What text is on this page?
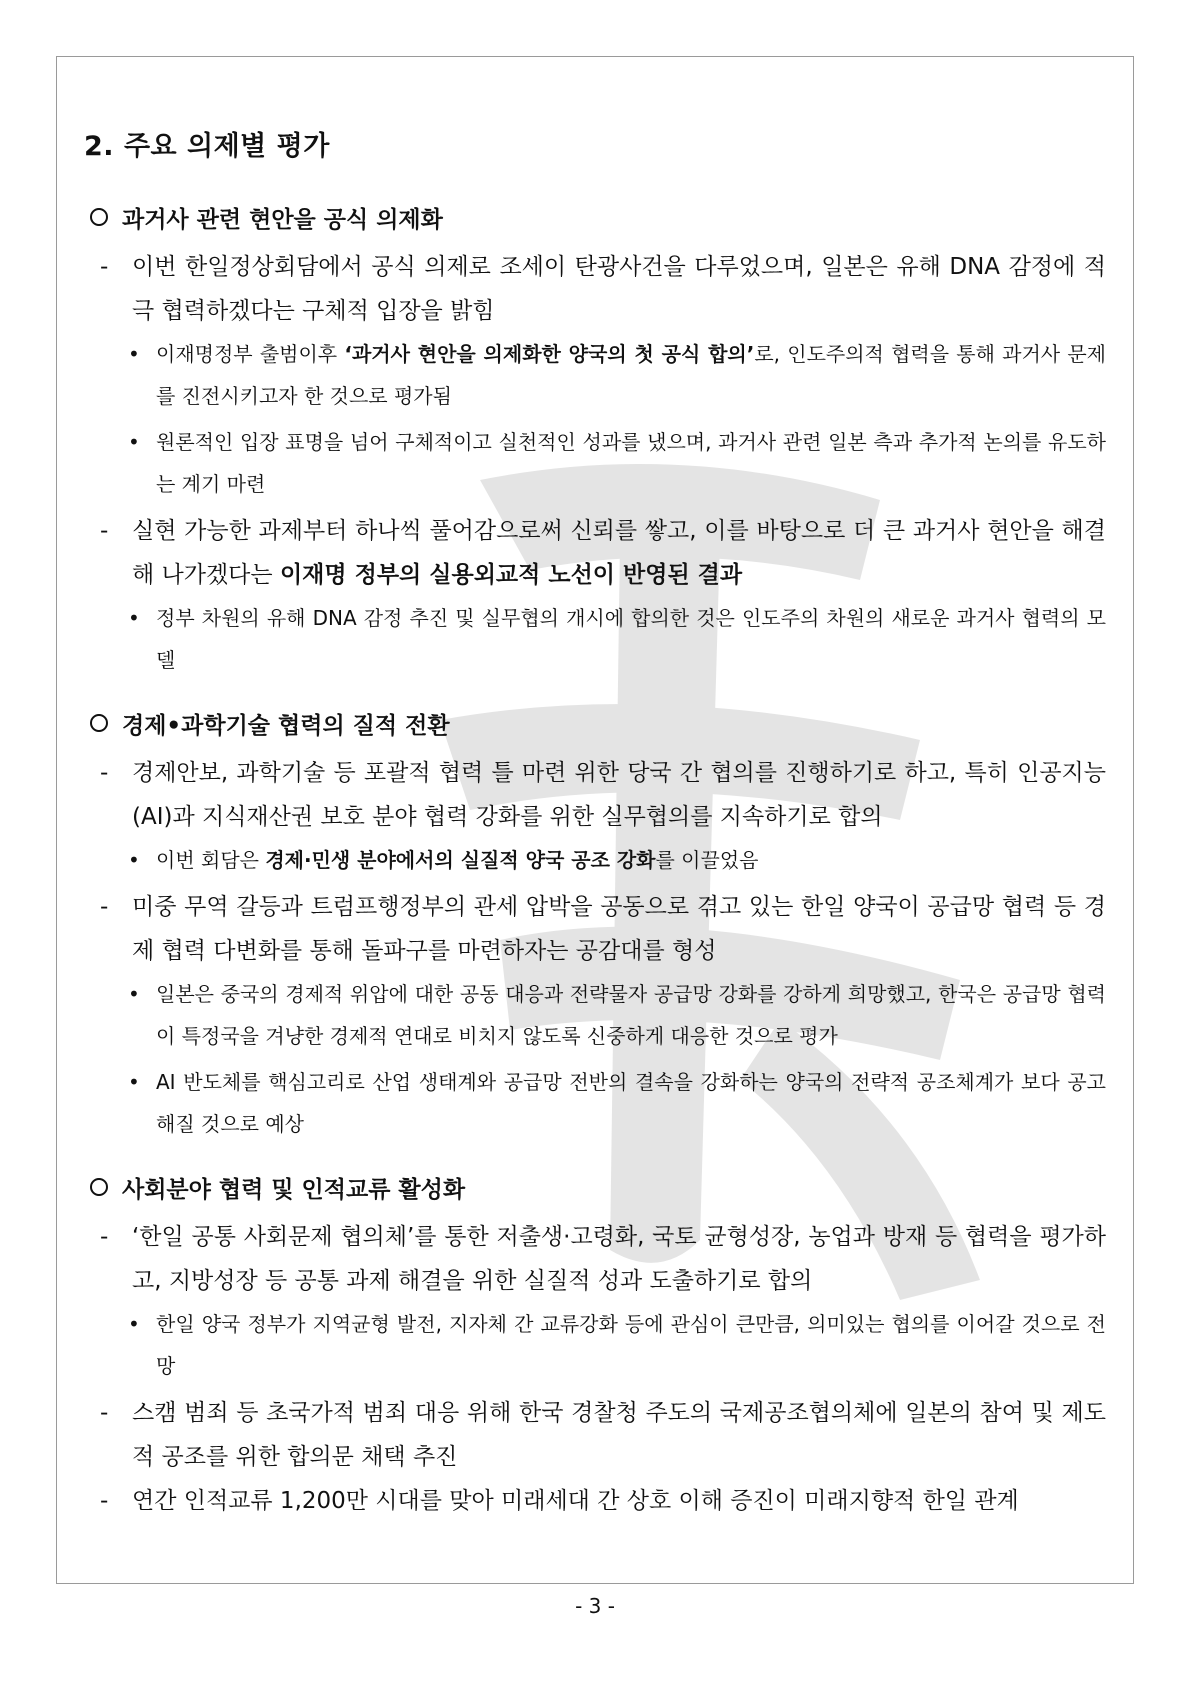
2. 주요 의제별 평가
과거사 관련 현안을 공식 의제화

- 이번 한일정상회담에서 공식 의제로 조세이 탄광사건을 다루었으며, 일본은 유해 DNA 감정에 적극 협력하겠다는 구체적 입장을 밝힘

• 이재명정부 출범이후 ‘과거사 현안을 의제화한 양국의 첫 공식 합의’로, 인도주의적 협력을 통해 과거사 문제를 진전시키고자 한 것으로 평가됨

• 원론적인 입장 표명을 넘어 구체적이고 실천적인 성과를 냈으며, 과거사 관련 일본 측과 추가적 논의를 유도하는 계기 마련

- 실현 가능한 과제부터 하나씩 풀어감으로써 신뢰를 쌓고, 이를 바탕으로 더 큰 과거사 현안을 해결해 나가겠다는 이재명 정부의 실용외교적 노선이 반영된 결과

• 정부 차원의 유해 DNA 감정 추진 및 실무협의 개시에 합의한 것은 인도주의 차원의 새로운 과거사 협력의 모델

경제•과학기술 협력의 질적 전환

- 경제안보, 과학기술 등 포괄적 협력 틀 마련 위한 당국 간 협의를 진행하기로 하고, 특히 인공지능(AI)과 지식재산권 보호 분야 협력 강화를 위한 실무협의를 지속하기로 합의

• 이번 회담은 경제·민생 분야에서의 실질적 양국 공조 강화를 이끌었음

- 미중 무역 갈등과 트럼프행정부의 관세 압박을 공동으로 겪고 있는 한일 양국이 공급망 협력 등 경제 협력 다변화를 통해 돌파구를 마련하자는 공감대를 형성

• 일본은 중국의 경제적 위압에 대한 공동 대응과 전략물자 공급망 강화를 강하게 희망했고, 한국은 공급망 협력이 특정국을 겨냥한 경제적 연대로 비치지 않도록 신중하게 대응한 것으로 평가

• AI 반도체를 핵심고리로 산업 생태계와 공급망 전반의 결속을 강화하는 양국의 전략적 공조체계가 보다 공고해질 것으로 예상

사회분야 협력 및 인적교류 활성화

- ‘한일 공통 사회문제 협의체’를 통한 저출생·고령화, 국토 균형성장, 농업과 방재 등 협력을 평가하고, 지방성장 등 공통 과제 해결을 위한 실질적 성과 도출하기로 합의

• 한일 양국 정부가 지역균형 발전, 지자체 간 교류강화 등에 관심이 큰만큼, 의미있는 협의를 이어갈 것으로 전망

- 스캠 범죄 등 초국가적 범죄 대응 위해 한국 경찰청 주도의 국제공조협의체에 일본의 참여 및 제도적 공조를 위한 합의문 채택 추진

- 연간 인적교류 1,200만 시대를 맞아 미래세대 간 상호 이해 증진이 미래지향적 한일 관계

- 3 -
